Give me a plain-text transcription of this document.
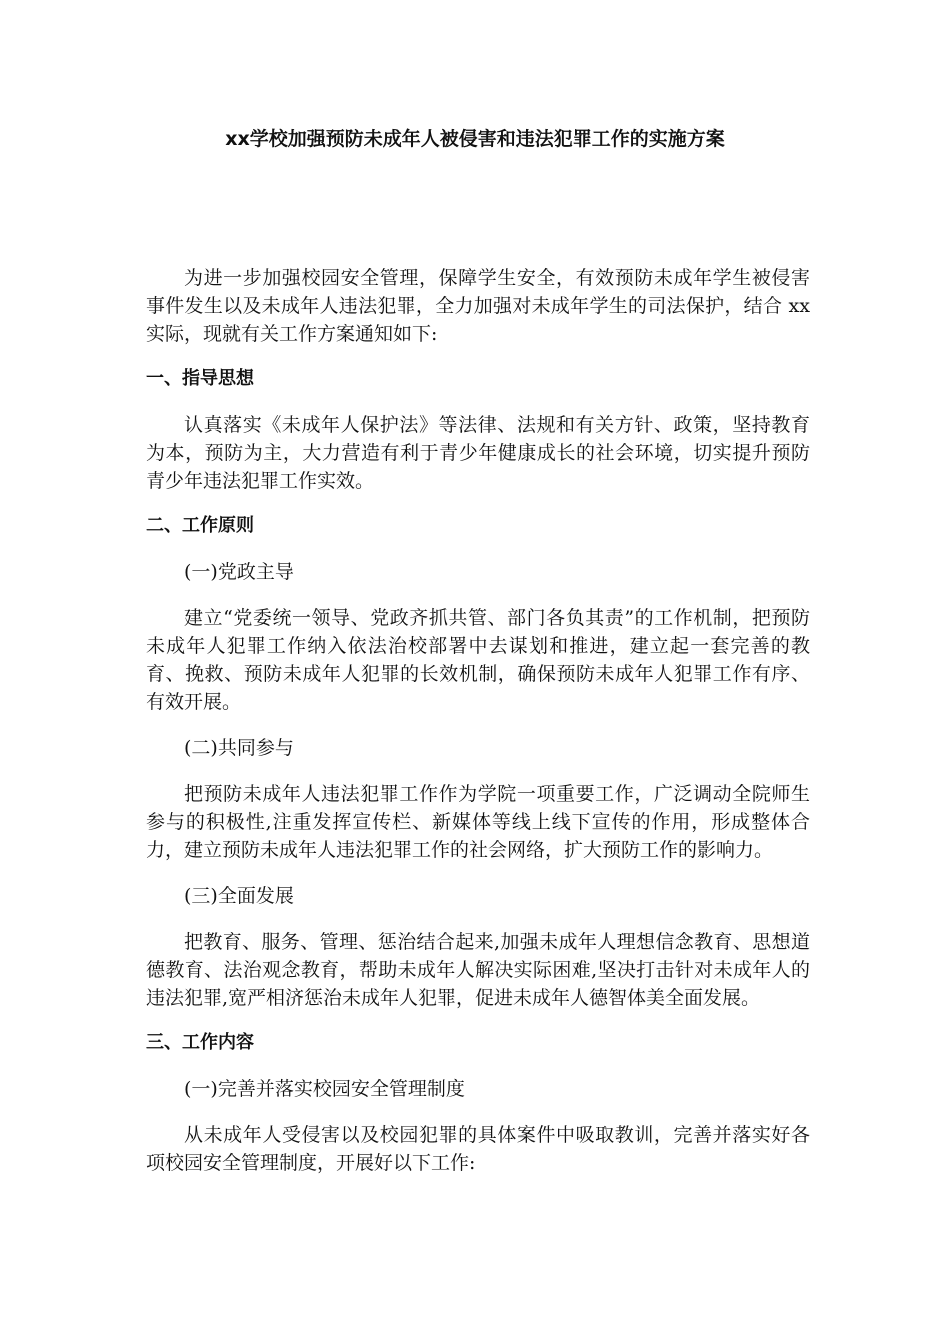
xx学校加强预防未成年人被侵害和违法犯罪工作的实施方案

为进一步加强校园安全管理，保障学生安全，有效预防未成年学生被侵害事件发生以及未成年人违法犯罪，全力加强对未成年学生的司法保护，结合 xx 实际，现就有关工作方案通知如下:

一、指导思想

认真落实《未成年人保护法》等法律、法规和有关方针、政策，坚持教育为本，预防为主，大力营造有利于青少年健康成长的社会环境，切实提升预防青少年违法犯罪工作实效。

二、工作原则

(一)党政主导

建立“党委统一领导、党政齐抓共管、部门各负其责”的工作机制，把预防未成年人犯罪工作纳入依法治校部署中去谋划和推进，建立起一套完善的教育、挽救、预防未成年人犯罪的长效机制，确保预防未成年人犯罪工作有序、有效开展。

(二)共同参与

把预防未成年人违法犯罪工作作为学院一项重要工作，广泛调动全院师生参与的积极性,注重发挥宣传栏、新媒体等线上线下宣传的作用，形成整体合力，建立预防未成年人违法犯罪工作的社会网络，扩大预防工作的影响力。

(三)全面发展

把教育、服务、管理、惩治结合起来,加强未成年人理想信念教育、思想道德教育、法治观念教育，帮助未成年人解决实际困难,坚决打击针对未成年人的违法犯罪,宽严相济惩治未成年人犯罪，促进未成年人德智体美全面发展。

三、工作内容

(一)完善并落实校园安全管理制度

从未成年人受侵害以及校园犯罪的具体案件中吸取教训，完善并落实好各项校园安全管理制度，开展好以下工作:
